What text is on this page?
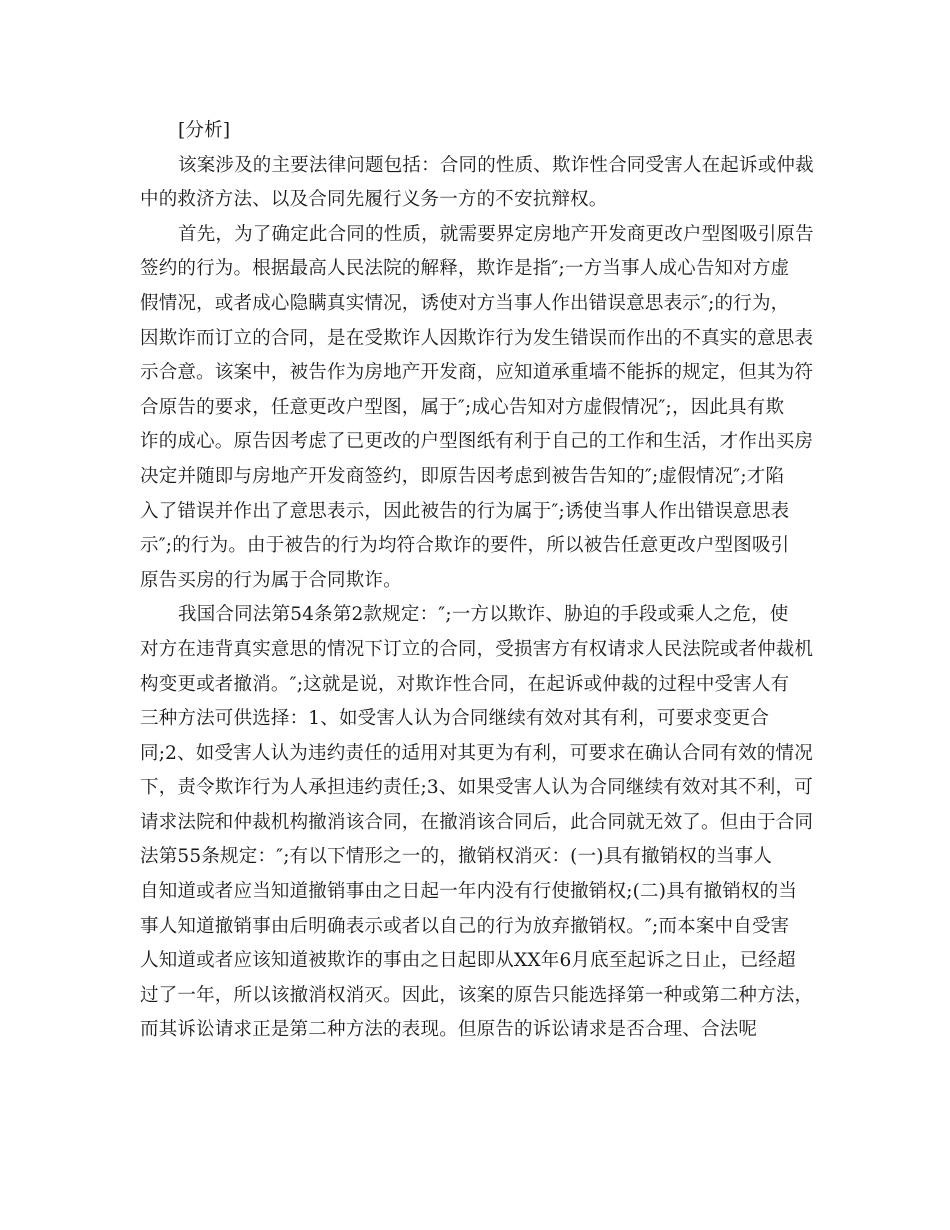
[分析]
该案涉及的主要法律问题包括：合同的性质、欺诈性合同受害人在起诉或仲裁
中的救济方法、以及合同先履行义务一方的不安抗辩权。
首先，为了确定此合同的性质，就需要界定房地产开发商更改户型图吸引原告
签约的行为。根据最高人民法院的解释，欺诈是指″;一方当事人成心告知对方虚
假情况，或者成心隐瞒真实情况，诱使对方当事人作出错误意思表示″;的行为，
因欺诈而订立的合同，是在受欺诈人因欺诈行为发生错误而作出的不真实的意思表
示合意。该案中，被告作为房地产开发商，应知道承重墙不能拆的规定，但其为符
合原告的要求，任意更改户型图，属于″;成心告知对方虚假情况″;，因此具有欺
诈的成心。原告因考虑了已更改的户型图纸有利于自己的工作和生活，才作出买房
决定并随即与房地产开发商签约，即原告因考虑到被告告知的″;虚假情况″;才陷
入了错误并作出了意思表示，因此被告的行为属于″;诱使当事人作出错误意思表
示″;的行为。由于被告的行为均符合欺诈的要件，所以被告任意更改户型图吸引
原告买房的行为属于合同欺诈。
我国合同法第54条第2款规定：″;一方以欺诈、胁迫的手段或乘人之危，使
对方在违背真实意思的情况下订立的合同，受损害方有权请求人民法院或者仲裁机
构变更或者撤消。″;这就是说，对欺诈性合同，在起诉或仲裁的过程中受害人有
三种方法可供选择：1、如受害人认为合同继续有效对其有利，可要求变更合
同;2、如受害人认为违约责任的适用对其更为有利，可要求在确认合同有效的情况
下，责令欺诈行为人承担违约责任;3、如果受害人认为合同继续有效对其不利，可
请求法院和仲裁机构撤消该合同，在撤消该合同后，此合同就无效了。但由于合同
法第55条规定：″;有以下情形之一的，撤销权消灭：(一)具有撤销权的当事人
自知道或者应当知道撤销事由之日起一年内没有行使撤销权;(二)具有撤销权的当
事人知道撤销事由后明确表示或者以自己的行为放弃撤销权。″;而本案中自受害
人知道或者应该知道被欺诈的事由之日起即从XX年6月底至起诉之日止，已经超
过了一年，所以该撤消权消灭。因此，该案的原告只能选择第一种或第二种方法，
而其诉讼请求正是第二种方法的表现。但原告的诉讼请求是否合理、合法呢
